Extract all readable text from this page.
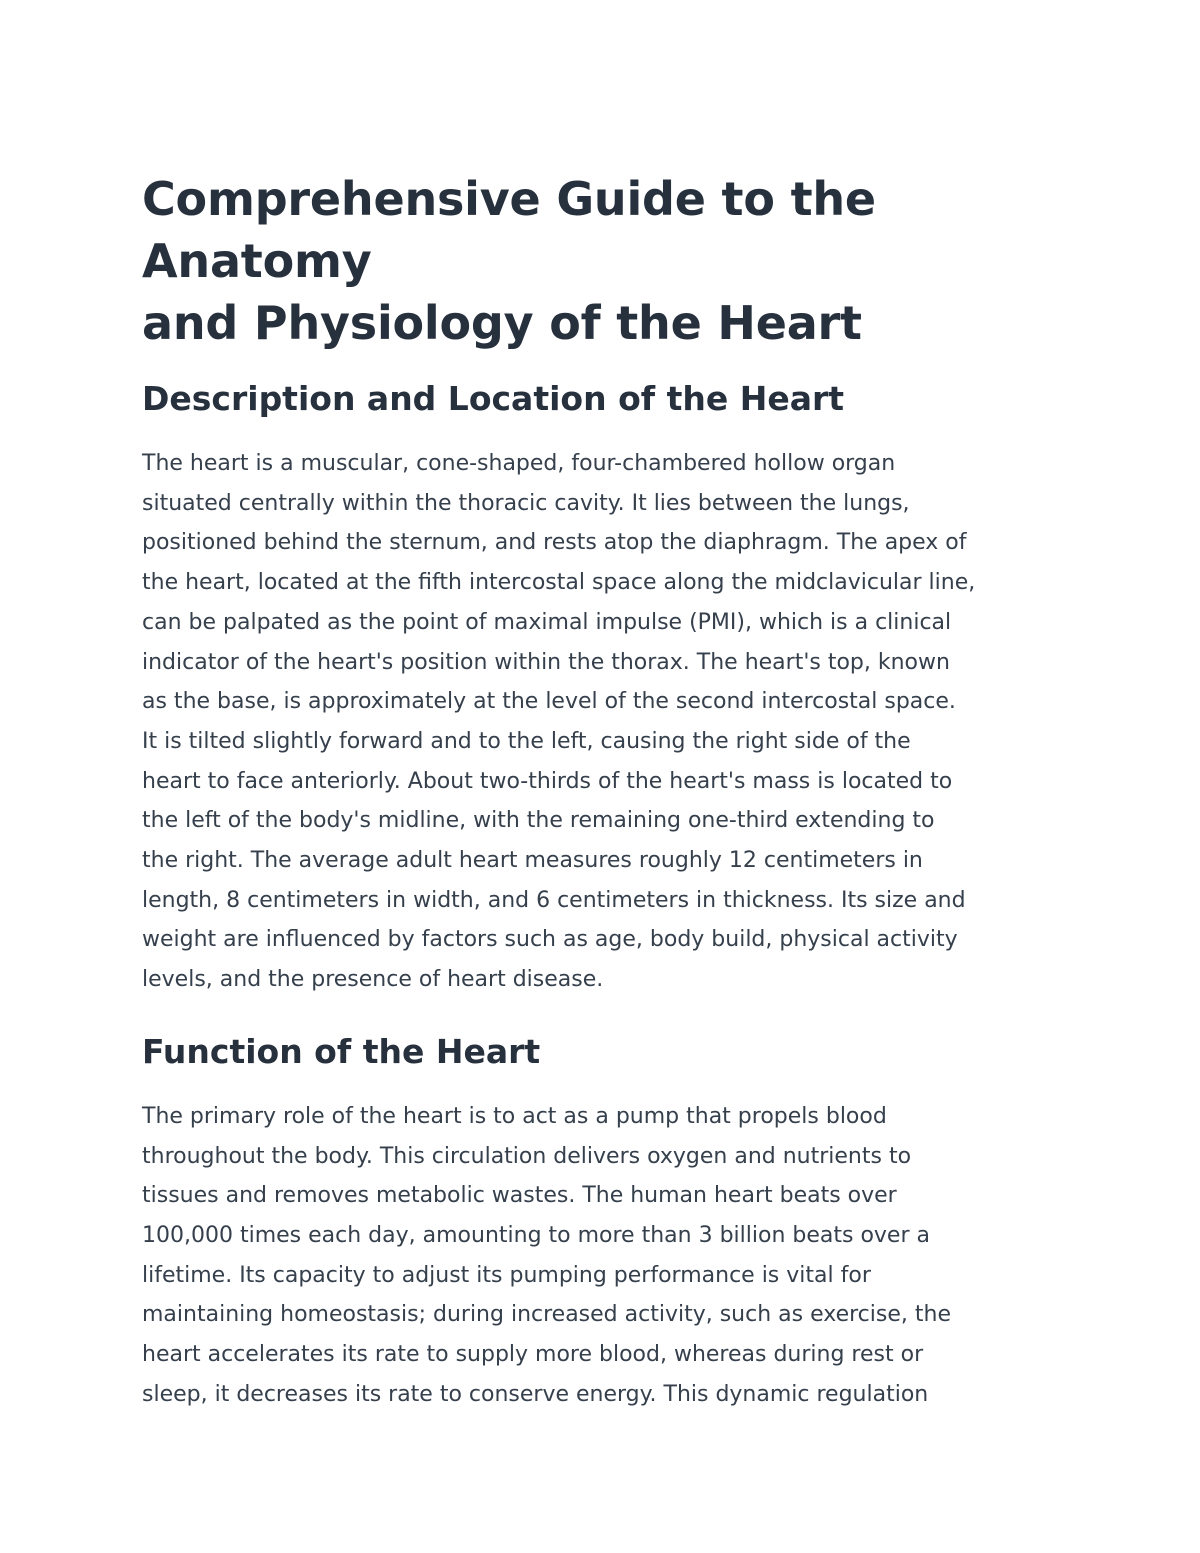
Comprehensive Guide to the Anatomy
and Physiology of the Heart
Description and Location of the Heart

The heart is a muscular, cone-shaped, four-chambered hollow organ
situated centrally within the thoracic cavity. It lies between the lungs,
positioned behind the sternum, and rests atop the diaphragm. The apex of
the heart, located at the fifth intercostal space along the midclavicular line,
can be palpated as the point of maximal impulse (PMI), which is a clinical
indicator of the heart's position within the thorax. The heart's top, known
as the base, is approximately at the level of the second intercostal space.
It is tilted slightly forward and to the left, causing the right side of the
heart to face anteriorly. About two-thirds of the heart's mass is located to
the left of the body's midline, with the remaining one-third extending to
the right. The average adult heart measures roughly 12 centimeters in
length, 8 centimeters in width, and 6 centimeters in thickness. Its size and
weight are influenced by factors such as age, body build, physical activity
levels, and the presence of heart disease.

Function of the Heart

The primary role of the heart is to act as a pump that propels blood
throughout the body. This circulation delivers oxygen and nutrients to
tissues and removes metabolic wastes. The human heart beats over
100,000 times each day, amounting to more than 3 billion beats over a
lifetime. Its capacity to adjust its pumping performance is vital for
maintaining homeostasis; during increased activity, such as exercise, the
heart accelerates its rate to supply more blood, whereas during rest or
sleep, it decreases its rate to conserve energy. This dynamic regulation
